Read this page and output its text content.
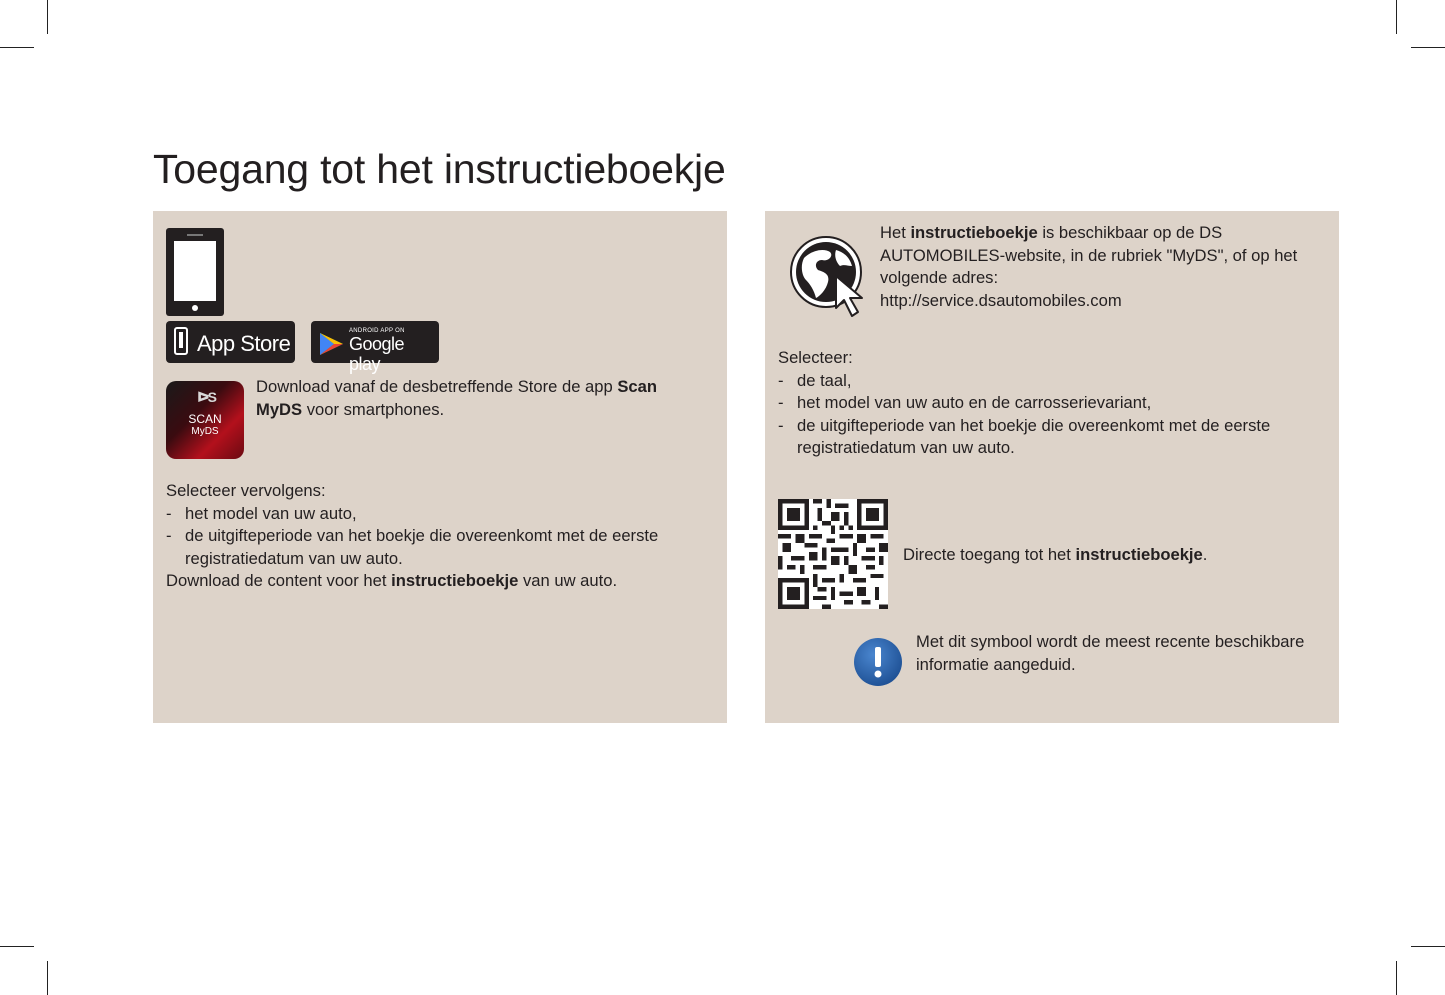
Toegang tot het instructieboekje
App Store	ANDROID APP ON
Google play
ᐅS
SCAN
MyDS
Download vanaf de desbetreffende Store de app Scan MyDS voor smartphones.
Selecteer vervolgens:
- het model van uw auto,
- de uitgifteperiode van het boekje die overeenkomt met de eerste registratiedatum van uw auto.
Download de content voor het instructieboekje van uw auto.
Het instructieboekje is beschikbaar op de DS AUTOMOBILES-website, in de rubriek "MyDS", of op het volgende adres:
http://service.dsautomobiles.com
Selecteer:
- de taal,
- het model van uw auto en de carrosserievariant,
- de uitgifteperiode van het boekje die overeenkomt met de eerste registratiedatum van uw auto.
Directe toegang tot het instructieboekje.
Met dit symbool wordt de meest recente beschikbare informatie aangeduid.
